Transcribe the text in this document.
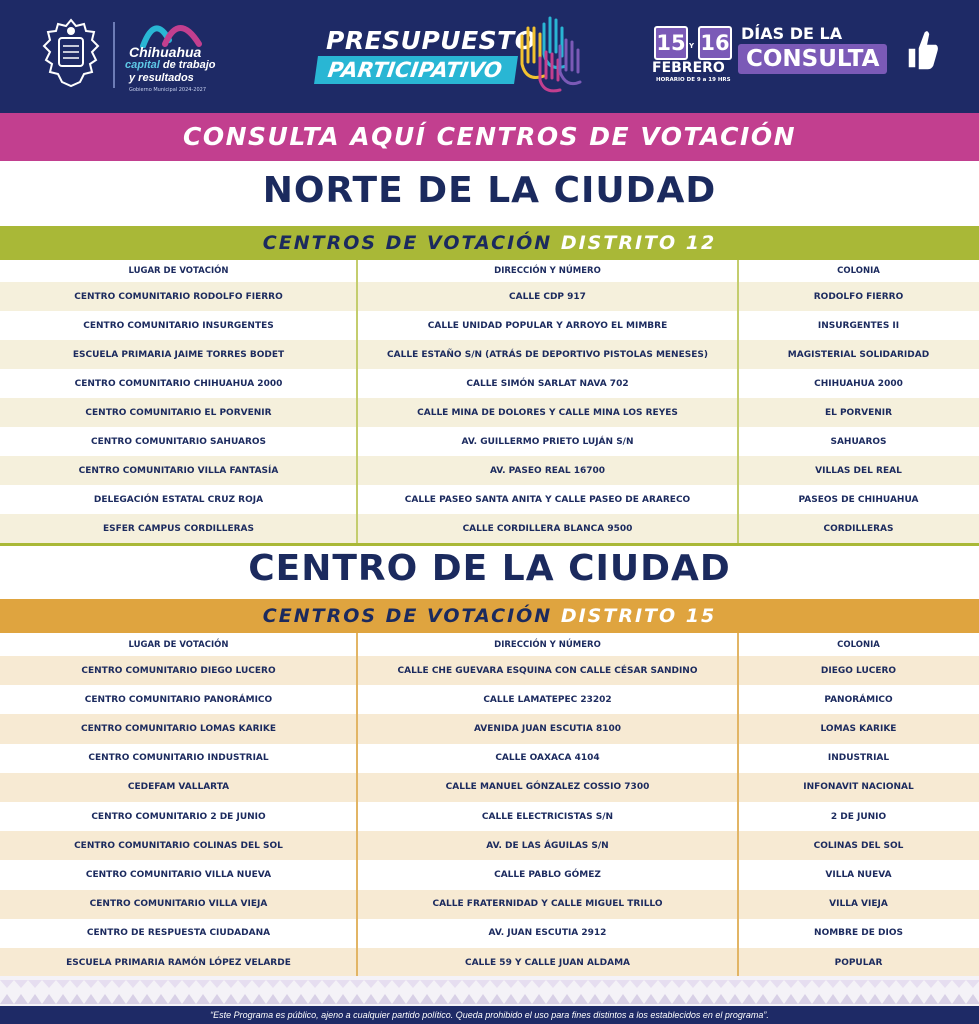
Chihuahua
capital de trabajo
y resultados
Gobierno Municipal 2024-2027
PRESUPUESTO
PARTICIPATIVO
15 Y 16
FEBRERO
HORARIO DE 9 a 19 HRS
DÍAS DE LA
CONSULTA
CONSULTA AQUÍ CENTROS DE VOTACIÓN
NORTE DE LA CIUDAD
CENTROS DE VOTACIÓN DISTRITO 12
LUGAR DE VOTACIÓN	DIRECCIÓN Y NÚMERO	COLONIA
CENTRO COMUNITARIO RODOLFO FIERRO	CALLE CDP 917	RODOLFO FIERRO
CENTRO COMUNITARIO INSURGENTES	CALLE UNIDAD POPULAR Y ARROYO EL MIMBRE	INSURGENTES II
ESCUELA PRIMARIA JAIME TORRES BODET	CALLE ESTAÑO S/N (ATRÁS DE DEPORTIVO PISTOLAS MENESES)	MAGISTERIAL SOLIDARIDAD
CENTRO COMUNITARIO CHIHUAHUA 2000	CALLE SIMÓN SARLAT NAVA 702	CHIHUAHUA 2000
CENTRO COMUNITARIO EL PORVENIR	CALLE MINA DE DOLORES Y CALLE MINA LOS REYES	EL PORVENIR
CENTRO COMUNITARIO SAHUAROS	AV. GUILLERMO PRIETO LUJÁN S/N	SAHUAROS
CENTRO COMUNITARIO VILLA FANTASÍA	AV. PASEO REAL 16700	VILLAS DEL REAL
DELEGACIÓN ESTATAL CRUZ ROJA	CALLE PASEO SANTA ANITA Y CALLE PASEO DE ARARECO	PASEOS DE CHIHUAHUA
ESFER CAMPUS CORDILLERAS	CALLE CORDILLERA BLANCA 9500	CORDILLERAS
CENTRO DE LA CIUDAD
CENTROS DE VOTACIÓN DISTRITO 15
LUGAR DE VOTACIÓN	DIRECCIÓN Y NÚMERO	COLONIA
CENTRO COMUNITARIO DIEGO LUCERO	CALLE CHE GUEVARA ESQUINA CON CALLE CÉSAR SANDINO	DIEGO LUCERO
CENTRO COMUNITARIO PANORÁMICO	CALLE LAMATEPEC 23202	PANORÁMICO
CENTRO COMUNITARIO LOMAS KARIKE	AVENIDA JUAN ESCUTIA 8100	LOMAS KARIKE
CENTRO COMUNITARIO INDUSTRIAL	CALLE OAXACA 4104	INDUSTRIAL
CEDEFAM VALLARTA	CALLE MANUEL GÓNZALEZ COSSIO 7300	INFONAVIT NACIONAL
CENTRO COMUNITARIO 2 DE JUNIO	CALLE ELECTRICISTAS S/N	2 DE JUNIO
CENTRO COMUNITARIO COLINAS DEL SOL	AV. DE LAS ÁGUILAS S/N	COLINAS DEL SOL
CENTRO COMUNITARIO VILLA NUEVA	CALLE PABLO GÓMEZ	VILLA NUEVA
CENTRO COMUNITARIO VILLA VIEJA	CALLE FRATERNIDAD Y CALLE MIGUEL TRILLO	VILLA VIEJA
CENTRO DE RESPUESTA CIUDADANA	AV. JUAN ESCUTIA 2912	NOMBRE DE DIOS
ESCUELA PRIMARIA RAMÓN LÓPEZ VELARDE	CALLE 59 Y CALLE JUAN ALDAMA	POPULAR
“Este Programa es público, ajeno a cualquier partido político. Queda prohibido el uso para fines distintos a los establecidos en el programa”.
